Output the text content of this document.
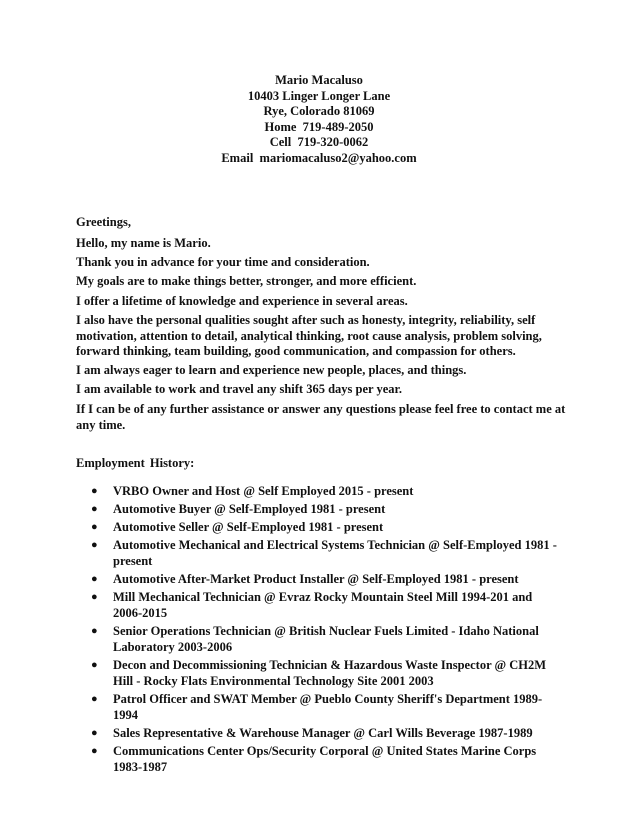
Mario Macaluso
10403 Linger Longer Lane
Rye, Colorado 81069
Home  719-489-2050
Cell  719-320-0062
Email  mariomacaluso2@yahoo.com
Greetings,
Hello, my name is Mario.
Thank you in advance for your time and consideration.
My goals are to make things better, stronger, and more efficient.
I offer a lifetime of knowledge and experience in several areas.
I also have the personal qualities sought after such as honesty, integrity, reliability, self motivation, attention to detail, analytical thinking, root cause analysis, problem solving, forward thinking, team building, good communication, and compassion for others.
I am always eager to learn and experience new people, places, and things.
I am available to work and travel any shift 365 days per year.
If I can be of any further assistance or answer any questions please feel free to contact me at any time.
Employment History:
● VRBO Owner and Host @ Self Employed 2015 - present
● Automotive Buyer @ Self-Employed 1981 - present
● Automotive Seller @ Self-Employed 1981 - present
● Automotive Mechanical and Electrical Systems Technician @ Self-Employed 1981 - present
● Automotive After-Market Product Installer @ Self-Employed 1981 - present
● Mill Mechanical Technician @ Evraz Rocky Mountain Steel Mill 1994-201 and 2006-2015
● Senior Operations Technician @ British Nuclear Fuels Limited - Idaho National Laboratory 2003-2006
● Decon and Decommissioning Technician & Hazardous Waste Inspector @ CH2M Hill - Rocky Flats Environmental Technology Site 2001 2003
● Patrol Officer and SWAT Member @ Pueblo County Sheriff's Department 1989-1994
● Sales Representative & Warehouse Manager @ Carl Wills Beverage 1987-1989
● Communications Center Ops/Security Corporal @ United States Marine Corps 1983-1987
